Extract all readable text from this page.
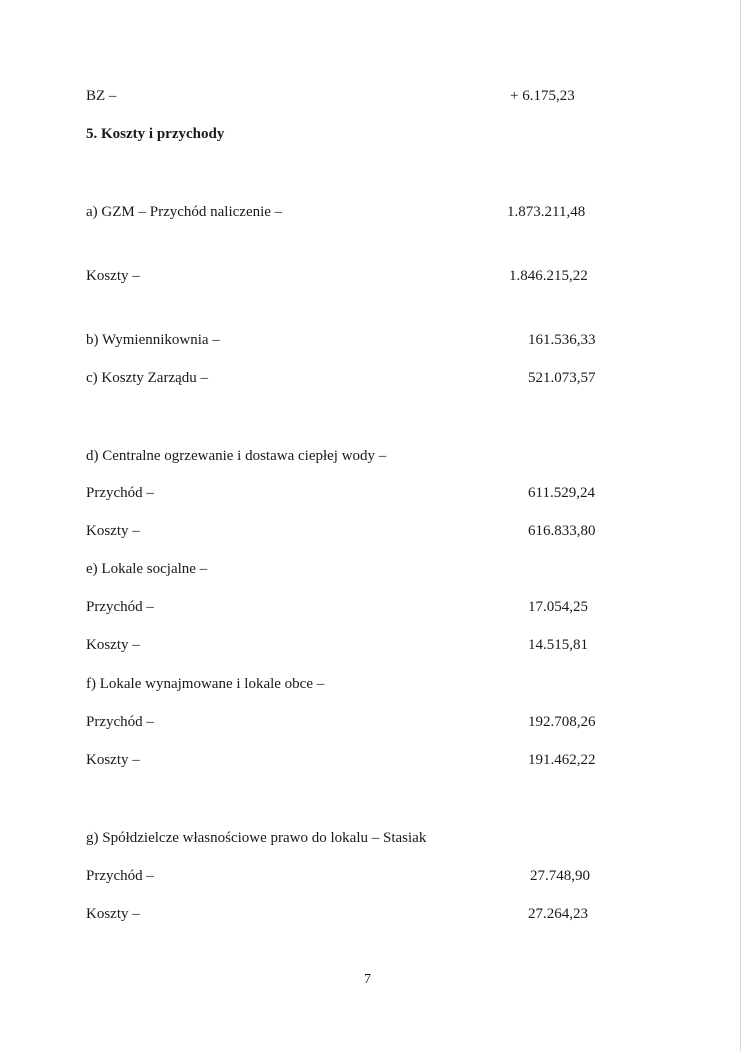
BZ –	+ 6.175,23
5. Koszty i przychody
a) GZM – Przychód naliczenie –	1.873.211,48
Koszty –	1.846.215,22
b) Wymiennikownia –	161.536,33
c) Koszty Zarządu –	521.073,57
d) Centralne ogrzewanie i dostawa ciepłej wody –
Przychód –	611.529,24
Koszty –	616.833,80
e) Lokale socjalne –
Przychód –	17.054,25
Koszty –	14.515,81
f) Lokale wynajmowane i lokale obce –
Przychód –	192.708,26
Koszty –	191.462,22
g) Spółdzielcze własnościowe prawo do lokalu – Stasiak
Przychód –	27.748,90
Koszty –	27.264,23
7
